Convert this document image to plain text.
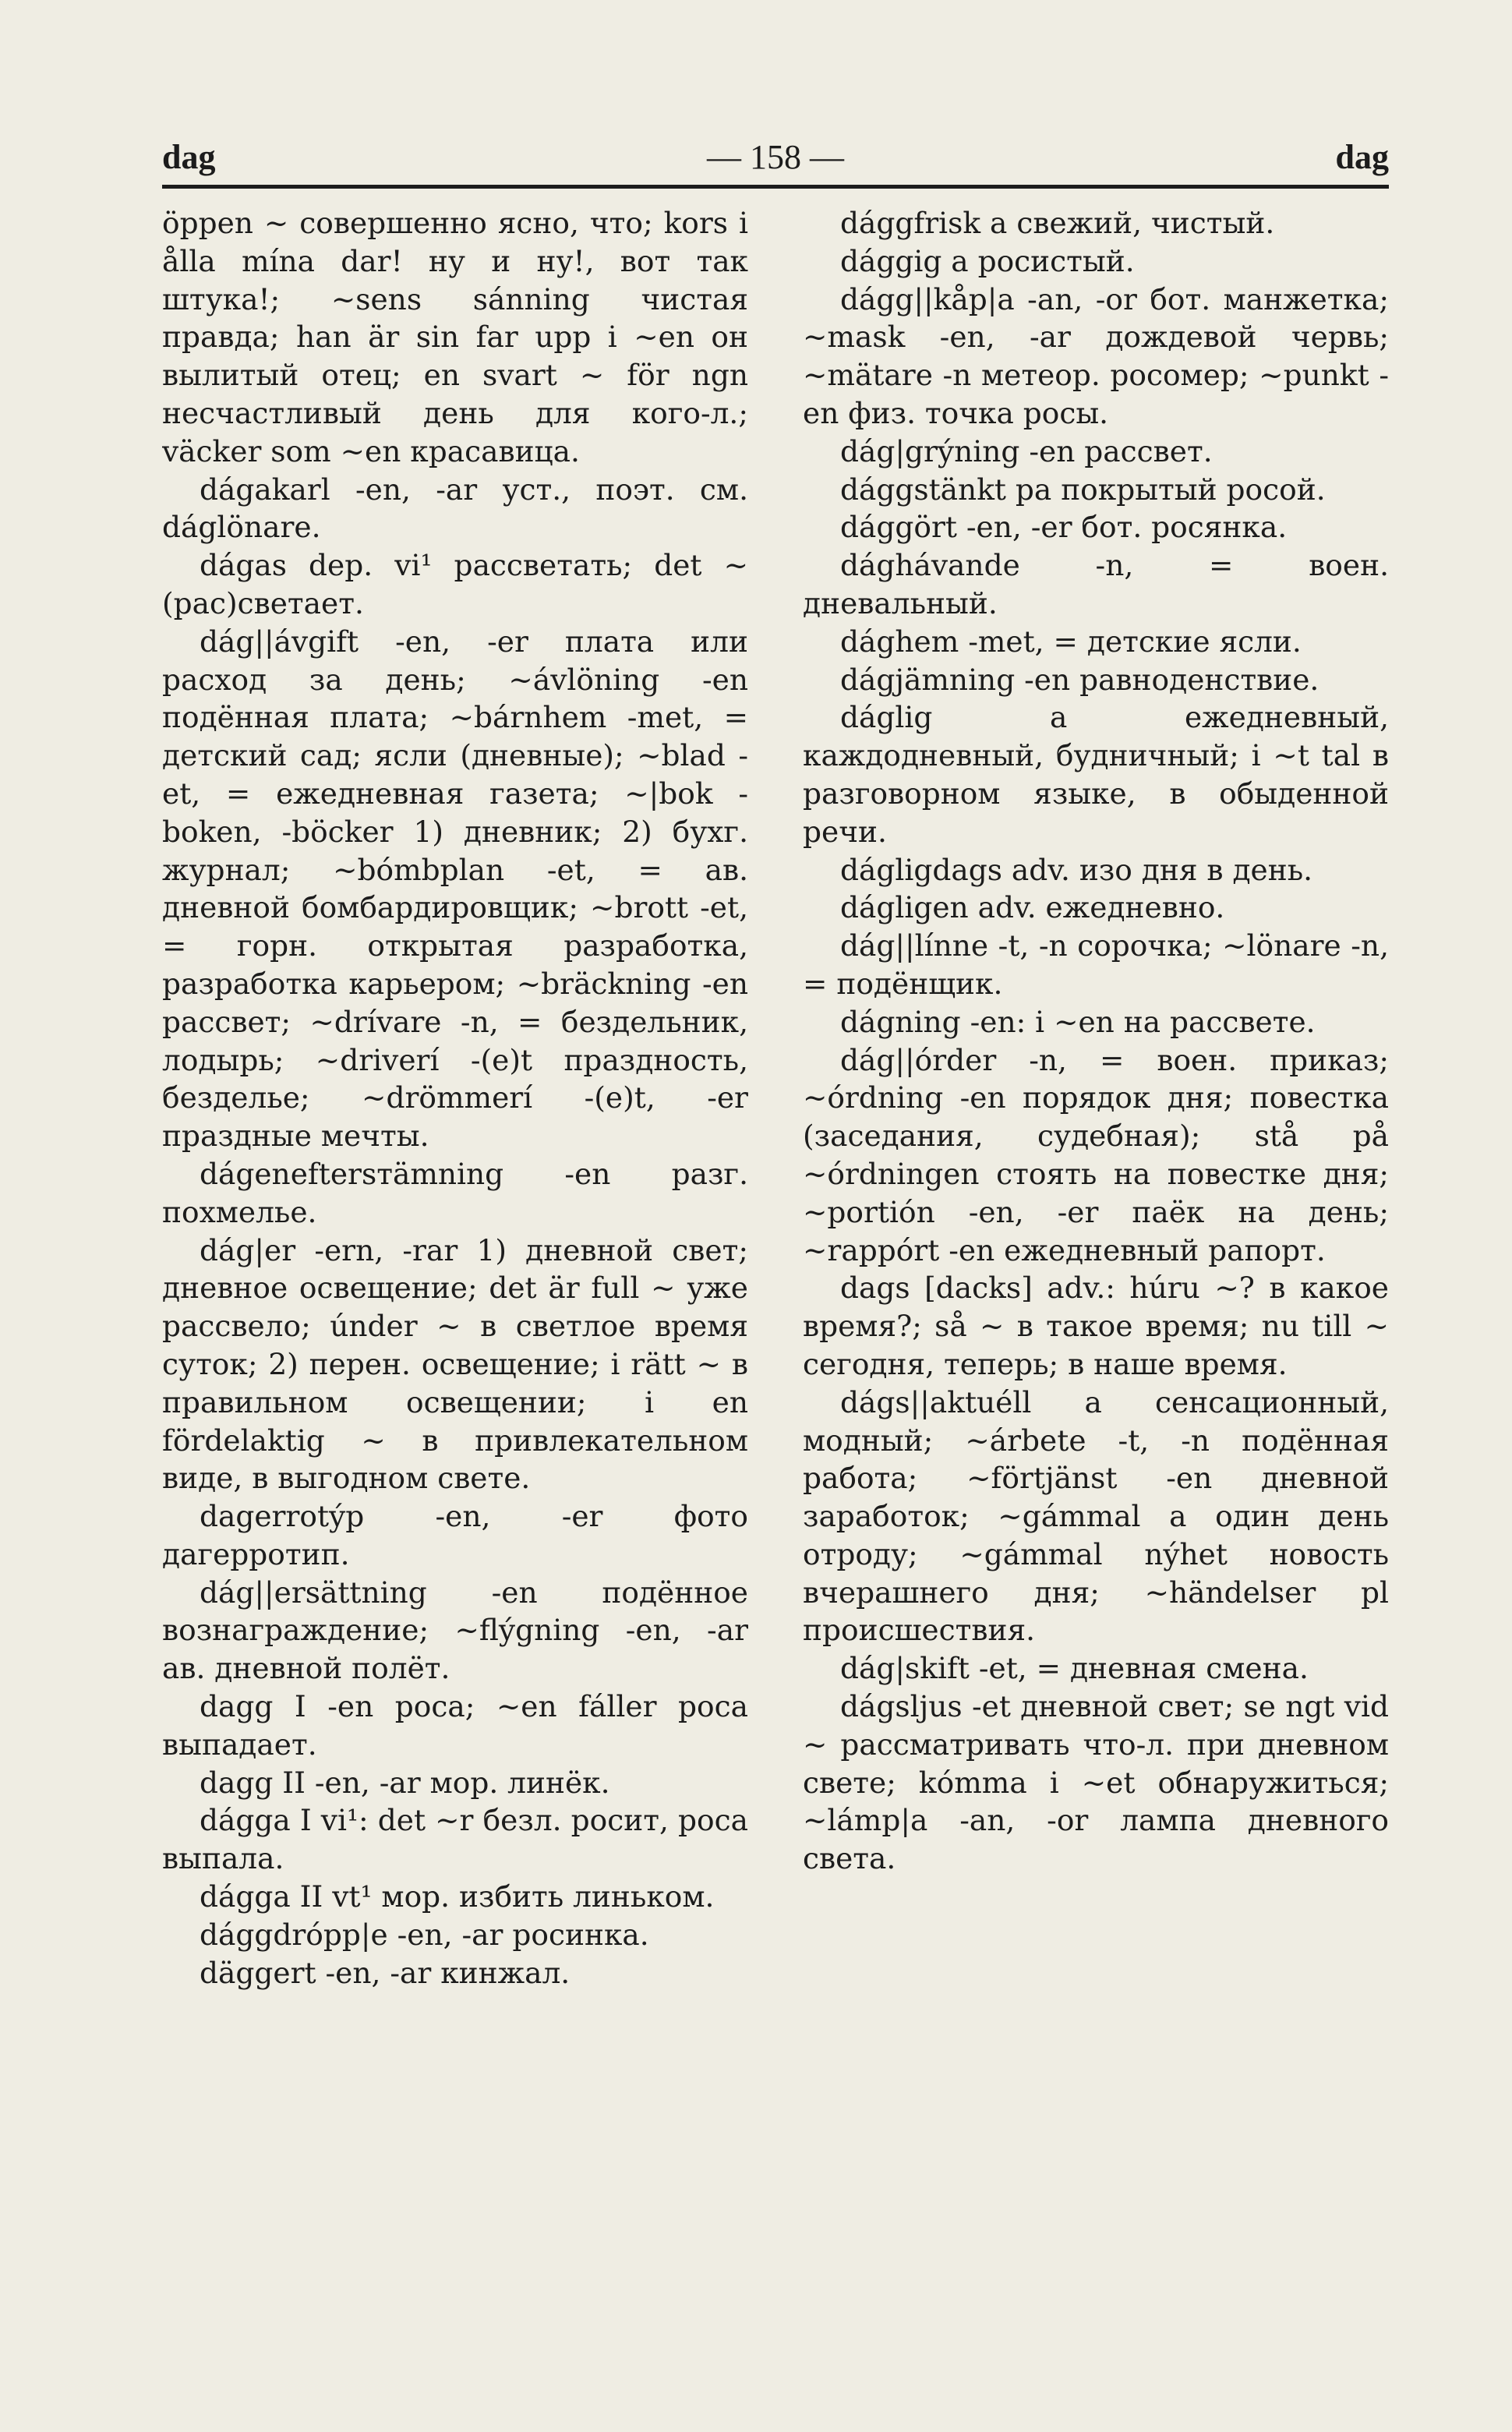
dag	— 158 —	dag

öppen ~ совершенно ясно, что; kors i ålla mína dar! ну и ну!, вот так штука!; ~sens sánning чистая правда; han är sin far upp i ~en он вылитый отец; en svart ~ för ngn несчастливый день для кого-л.; väcker som ~en красавица.

dágakarl -en, -ar уст., поэт. см. dáglönare.

dágas dep. vi¹ рассветать; det ~ (рас)светает.

dág||ávgift -en, -er плата или расход за день; ~ávlöning -en подённая плата; ~bárnhem -met, = детский сад; ясли (дневные); ~blad -et, = ежедневная газета; ~|bok -boken, -böcker 1) дневник; 2) бухг. журнал; ~bómbplan -et, = ав. дневной бомбардировщик; ~brott -et, = горн. открытая разработка, разработка карьером; ~bräckning -en рассвет; ~drívare -n, = бездельник, лодырь; ~driverí -(e)t праздность, безделье; ~drömmerí -(e)t, -er праздные мечты.

dágeneftersтämning -en разг. похмелье.

dág|er -ern, -rar 1) дневной свет; дневное освещение; det är full ~ уже рассвело; únder ~ в светлое время суток; 2) перен. освещение; i rätt ~ в правильном освещении; i en fördelaktig ~ в привлекательном виде, в выгодном свете.

dagerrotýp -en, -er фото дагерротип.

dág||ersättning -en подённое вознаграждение; ~flýgning -en, -ar ав. дневной полёт.

dagg I -en роса; ~en fáller роса выпадает.

dagg II -en, -ar мор. линёк.

dágga I vi¹: det ~r безл. росит, роса выпала.

dágga II vt¹ мор. избить линьком.

dággdrópp|e -en, -ar росинка.

däggert -en, -ar кинжал.

dággfrisk a свежий, чистый.

dággig a росистый.

dágg||kåp|a -an, -or бот. манжетка; ~mask -en, -ar дождевой червь; ~mätare -n метеор. росомер; ~punkt -en физ. точка росы.

dág|grýning -en рассвет.

dággstänkt pa покрытый росой.

dággört -en, -er бот. росянка.

dághávande -n, = воен. дневальный.

dághem -met, = детские ясли.

dágjämning -en равноденствие.

dáglig a ежедневный, каждодневный, будничный; i ~t tal в разговорном языке, в обыденной речи.

dágligdags adv. изо дня в день.

dágligen adv. ежедневно.

dág||línne -t, -n сорочка; ~lönare -n, = подёнщик.

dágning -en: i ~en на рассвете.

dág||órder -n, = воен. приказ; ~órdning -en порядок дня; повестка (заседания, судебная); stå på ~órdningen стоять на повестке дня; ~portión -en, -er паёк на день; ~rappórt -en ежедневный рапорт.

dags [dacks] adv.: húru ~? в какое время?; så ~ в такое время; nu till ~ сегодня, теперь; в наше время.

dágs||aktuéll a сенсационный, модный; ~árbete -t, -n подённая работа; ~förtjänst -en дневной заработок; ~gámmal a один день отроду; ~gámmal nýhet новость вчерашнего дня; ~händelser pl происшествия.

dág|skift -et, = дневная смена.

dágsljus -et дневной свет; se ngt vid ~ рассматривать что-л. при дневном свете; kómma i ~et обнаружиться; ~lámp|a -an, -or лампа дневного света.
